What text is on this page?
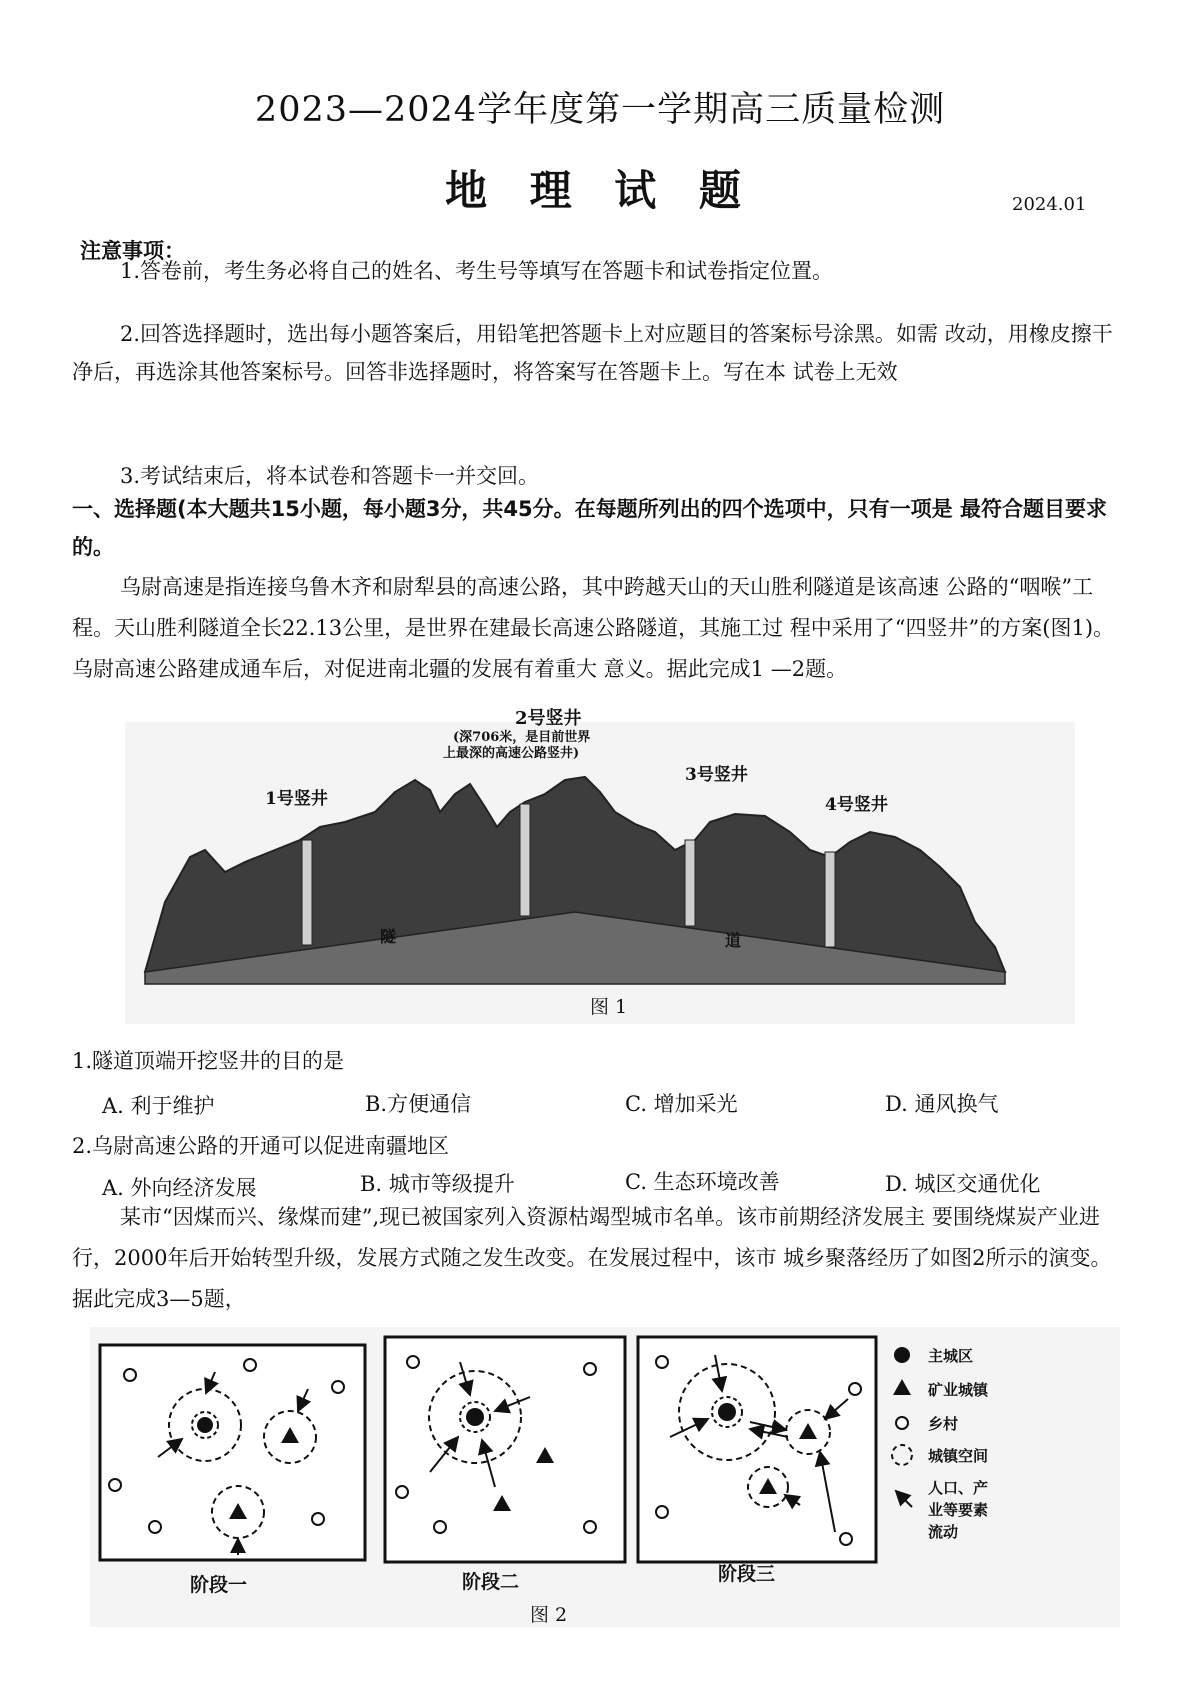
2023—2024学年度第一学期高三质量检测
地 理 试 题	2024.01
注意事项：
1.答卷前，考生务必将自己的姓名、考生号等填写在答题卡和试卷指定位置。
2.回答选择题时，选出每小题答案后，用铅笔把答题卡上对应题目的答案标号涂黑。如需 改动，用橡皮擦干净后，再选涂其他答案标号。回答非选择题时，将答案写在答题卡上。写在本 试卷上无效
3.考试结束后，将本试卷和答题卡一并交回。
一、选择题(本大题共15小题，每小题3分，共45分。在每题所列出的四个选项中，只有一项是 最符合题目要求的。
乌尉高速是指连接乌鲁木齐和尉犁县的高速公路，其中跨越天山的天山胜利隧道是该高速 公路的“咽喉”工程。天山胜利隧道全长22.13公里，是世界在建最长高速公路隧道，其施工过 程中采用了“四竖井”的方案(图1)。乌尉高速公路建成通车后，对促进南北疆的发展有着重大 意义。据此完成1 —2题。
1号竖井
2号竖井
(深706米，是目前世界
上最深的高速公路竖井)
3号竖井
4号竖井
隧	道
图 1
1.隧道顶端开挖竖井的目的是
A. 利于维护	B.方便通信	C. 增加采光	D. 通风换气
2.乌尉高速公路的开通可以促进南疆地区
A. 外向经济发展	B. 城市等级提升	C. 生态环境改善	D. 城区交通优化
某市“因煤而兴、缘煤而建”,现已被国家列入资源枯竭型城市名单。该市前期经济发展主 要围绕煤炭产业进行，2000年后开始转型升级，发展方式随之发生改变。在发展过程中，该市 城乡聚落经历了如图2所示的演变。据此完成3—5题，
主城区
矿业城镇
乡村
城镇空间
人口、产
业等要素
流动
阶段一	阶段二	阶段三
图 2
